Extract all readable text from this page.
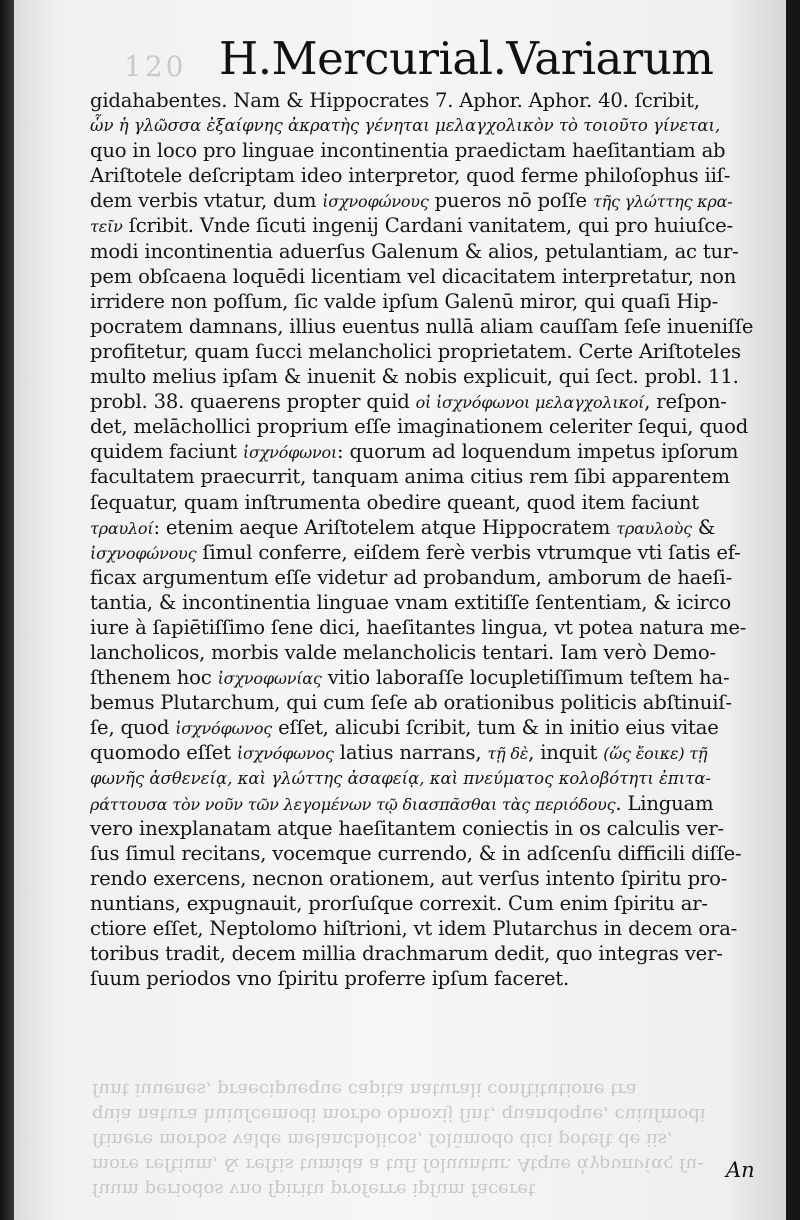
ſuum periodos vno ſpiritu proferre ipſum faceret
more reſtium, & reſtis tumida a tuſi ſoluuntur. Atque ἀγρυπνίας ſu-
ſtinere morbos valde melancholicos, ſolūmodo dici poteſt de iis,
quia natura huiuſcemodi morbo obnoxij ſint, quandoque, cuiuſmodi
ſunt iuuenes, praecipueque capita naturali conſtitutione tra
120 H.Mercurial.Variarum
gidahabentes. Nam & Hippocrates 7. Aphor. Aphor. 40. ſcribit,
ὧν ἡ γλῶσσα ἐξαίφνης ἀκρατὴς γένηται μελαγχολικὸν τὸ τοιοῦτο γίνεται,
quo in loco pro linguae incontinentia praedictam haeſitantiam ab
Ariſtotele deſcriptam ideo interpretor, quod ferme philoſophus iiſ-
dem verbis vtatur, dum ἰσχνοφώνους pueros nō poſſe τῆς γλώττης κρα-
τεῖν ſcribit. Vnde ſicuti ingenij Cardani vanitatem, qui pro huiuſce-
modi incontinentia aduerſus Galenum & alios, petulantiam, ac tur-
pem obſcaena loquēdi licentiam vel dicacitatem interpretatur, non
irridere non poſſum, ſic valde ipſum Galenū miror, qui quaſi Hip-
pocratem damnans, illius euentus nullā aliam cauſſam ſeſe inueniſſe
profitetur, quam ſucci melancholici proprietatem. Certe Ariſtoteles
multo melius ipſam & inuenit & nobis explicuit, qui ſect. probl. 11.
probl. 38. quaerens propter quid οἱ ἰσχνόφωνοι μελαγχολικοί, reſpon-
det, melāchollici proprium eſſe imaginationem celeriter ſequi, quod
quidem faciunt ἰσχνόφωνοι: quorum ad loquendum impetus ipſorum
facultatem praecurrit, tanquam anima citius rem ſibi apparentem
ſequatur, quam inſtrumenta obedire queant, quod item faciunt
τραυλοί: etenim aeque Ariſtotelem atque Hippocratem τραυλοὺς &
ἰσχνοφώνους ſimul conferre, eiſdem ferè verbis vtrumque vti ſatis ef-
ficax argumentum eſſe videtur ad probandum, amborum de haeſi-
tantia, & incontinentia linguae vnam extitiſſe ſententiam, & icirco
iure à ſapiētiſſimo ſene dici, haeſitantes lingua, vt potea natura me-
lancholicos, morbis valde melancholicis tentari. Iam verò Demo-
ſthenem hoc ἰσχνοφωνίας vitio laboraſſe locupletiſſimum teſtem ha-
bemus Plutarchum, qui cum ſeſe ab orationibus politicis abſtinuiſ-
ſe, quod ἰσχνόφωνος eſſet, alicubi ſcribit, tum & in initio eius vitae
quomodo eſſet ἰσχνόφωνος latius narrans, τῇ δὲ, inquit (ὥς ἔοικε) τῇ
φωνῆς ἀσθενείᾳ, καὶ γλώττης ἀσαφείᾳ, καὶ πνεύματος κολοβότητι ἐπιτα-
ράττουσα τὸν νοῦν τῶν λεγομένων τῷ διασπᾶσθαι τὰς περιόδους. Linguam
vero inexplanatam atque haeſitantem coniectis in os calculis ver-
ſus ſimul recitans, vocemque currendo, & in adſcenſu difficili diſſe-
rendo exercens, necnon orationem, aut verſus intento ſpiritu pro-
nuntians, expugnauit, prorſuſque correxit. Cum enim ſpiritu ar-
ctiore eſſet, Neptolomo hiſtrioni, vt idem Plutarchus in decem ora-
toribus tradit, decem millia drachmarum dedit, quo integras ver-
ſuum periodos vno ſpiritu proferre ipſum faceret.
An
